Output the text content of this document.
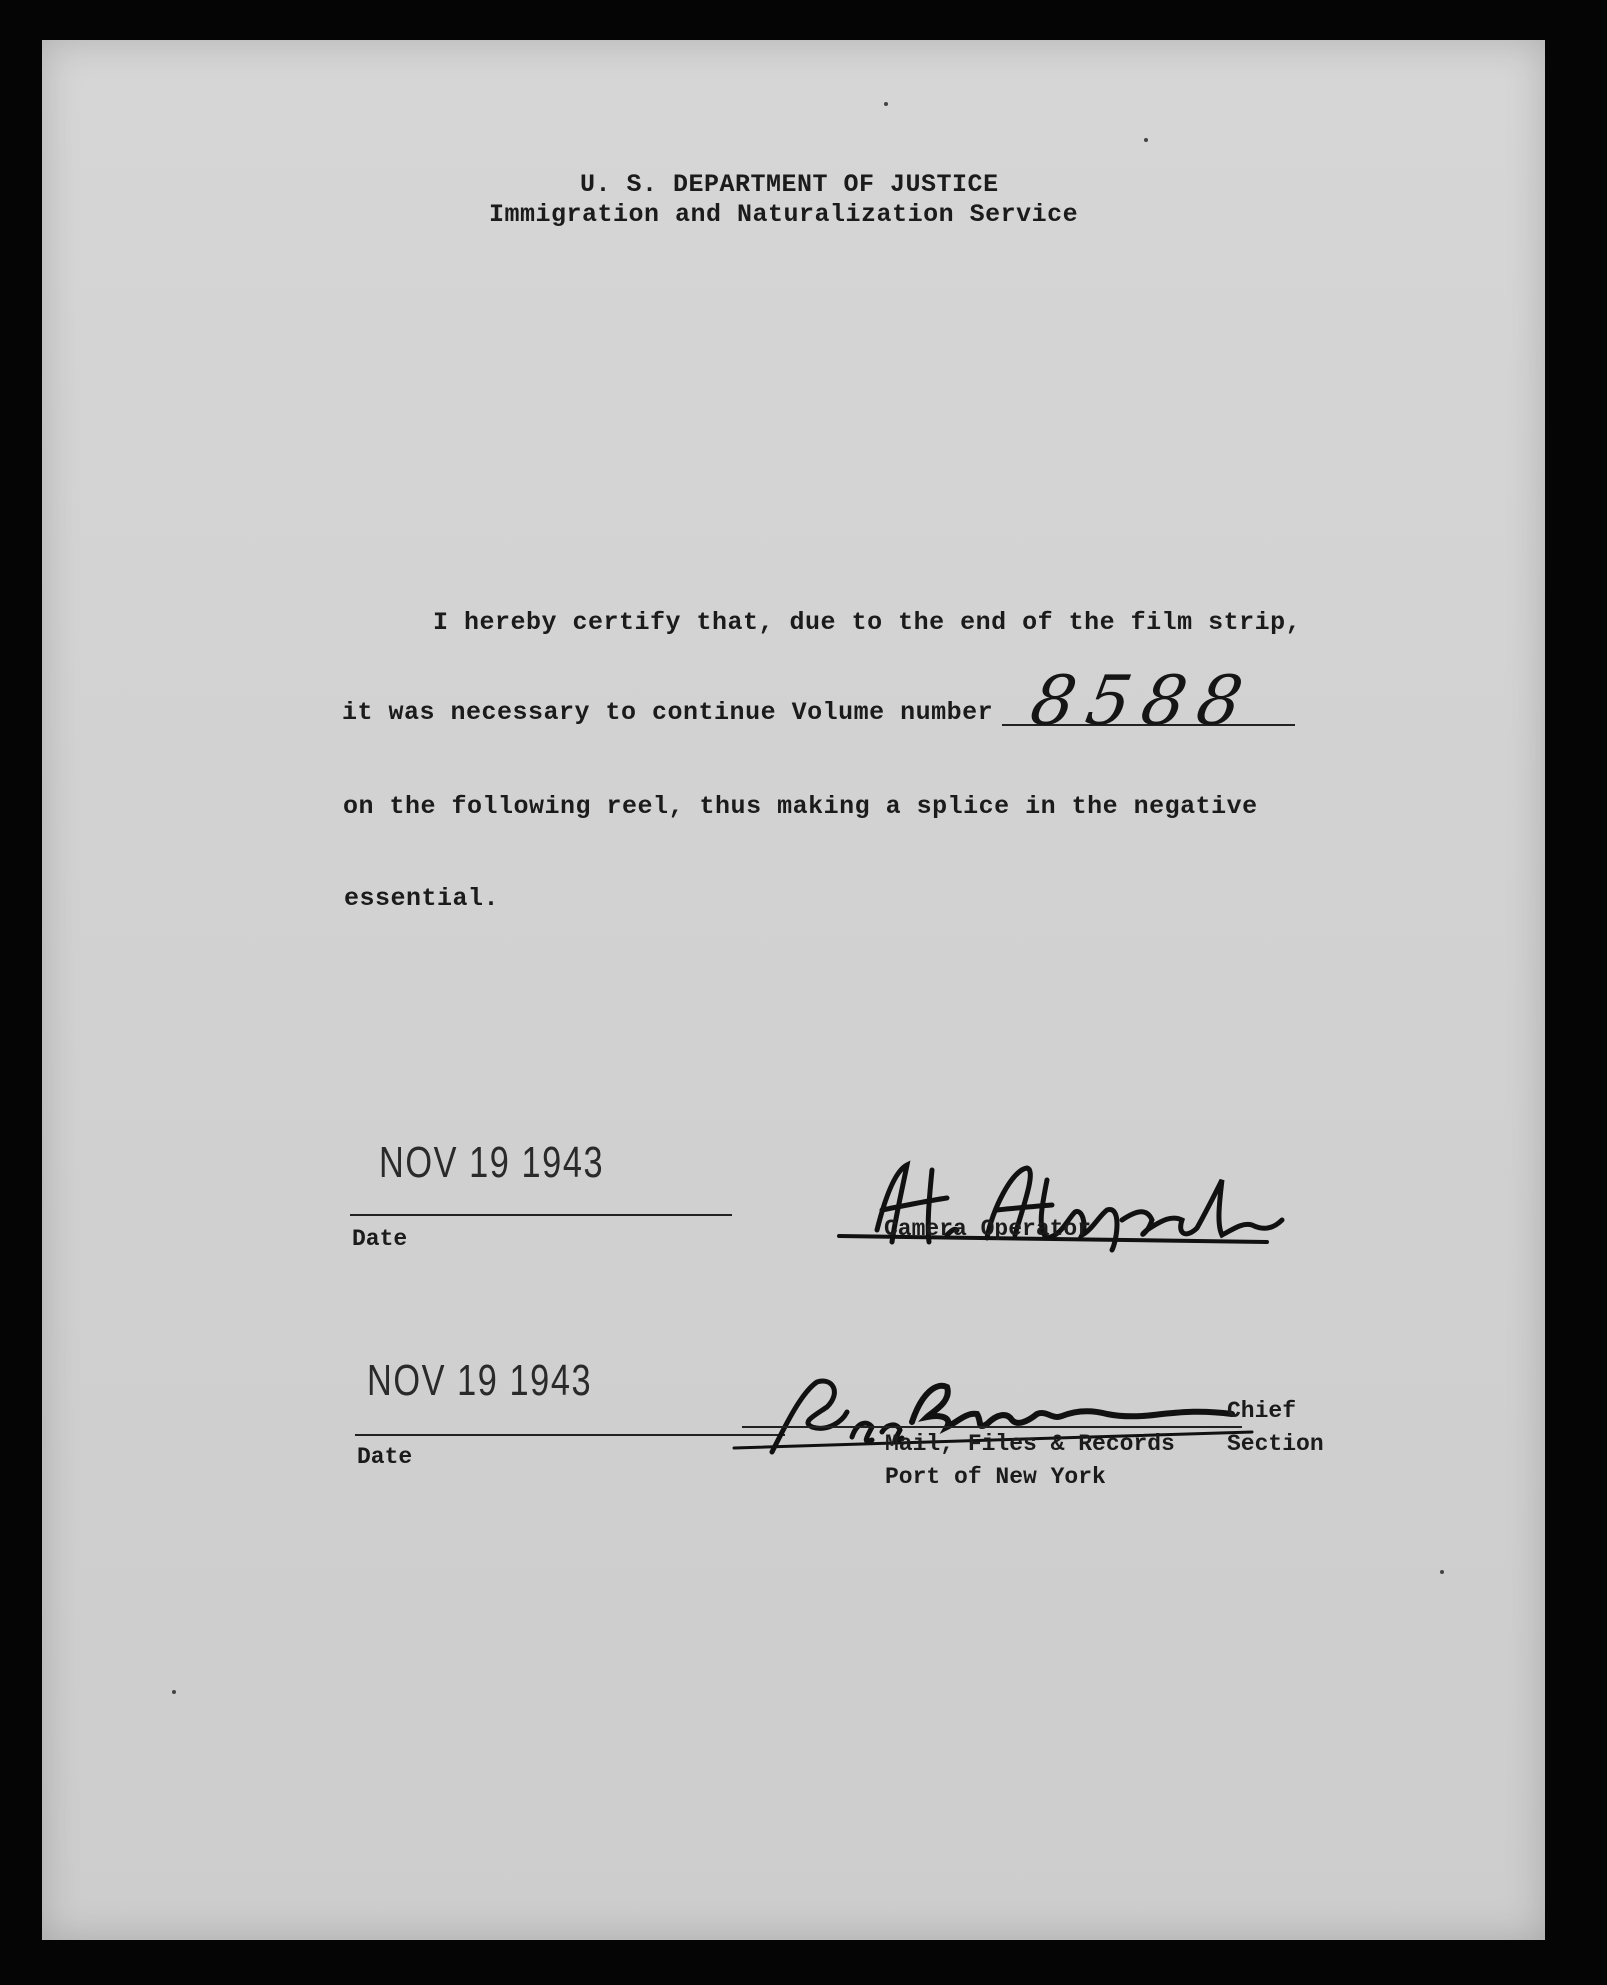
U. S. DEPARTMENT OF JUSTICE
Immigration and Naturalization Service
I hereby certify that, due to the end of the film strip,
it was necessary to continue Volume number 8588
on the following reel, thus making a splice in the negative
essential.
NOV 19 1943
Date	Camera Operator
NOV 19 1943
Date
Chief
Section
Mail, Files & Records
Port of New York
